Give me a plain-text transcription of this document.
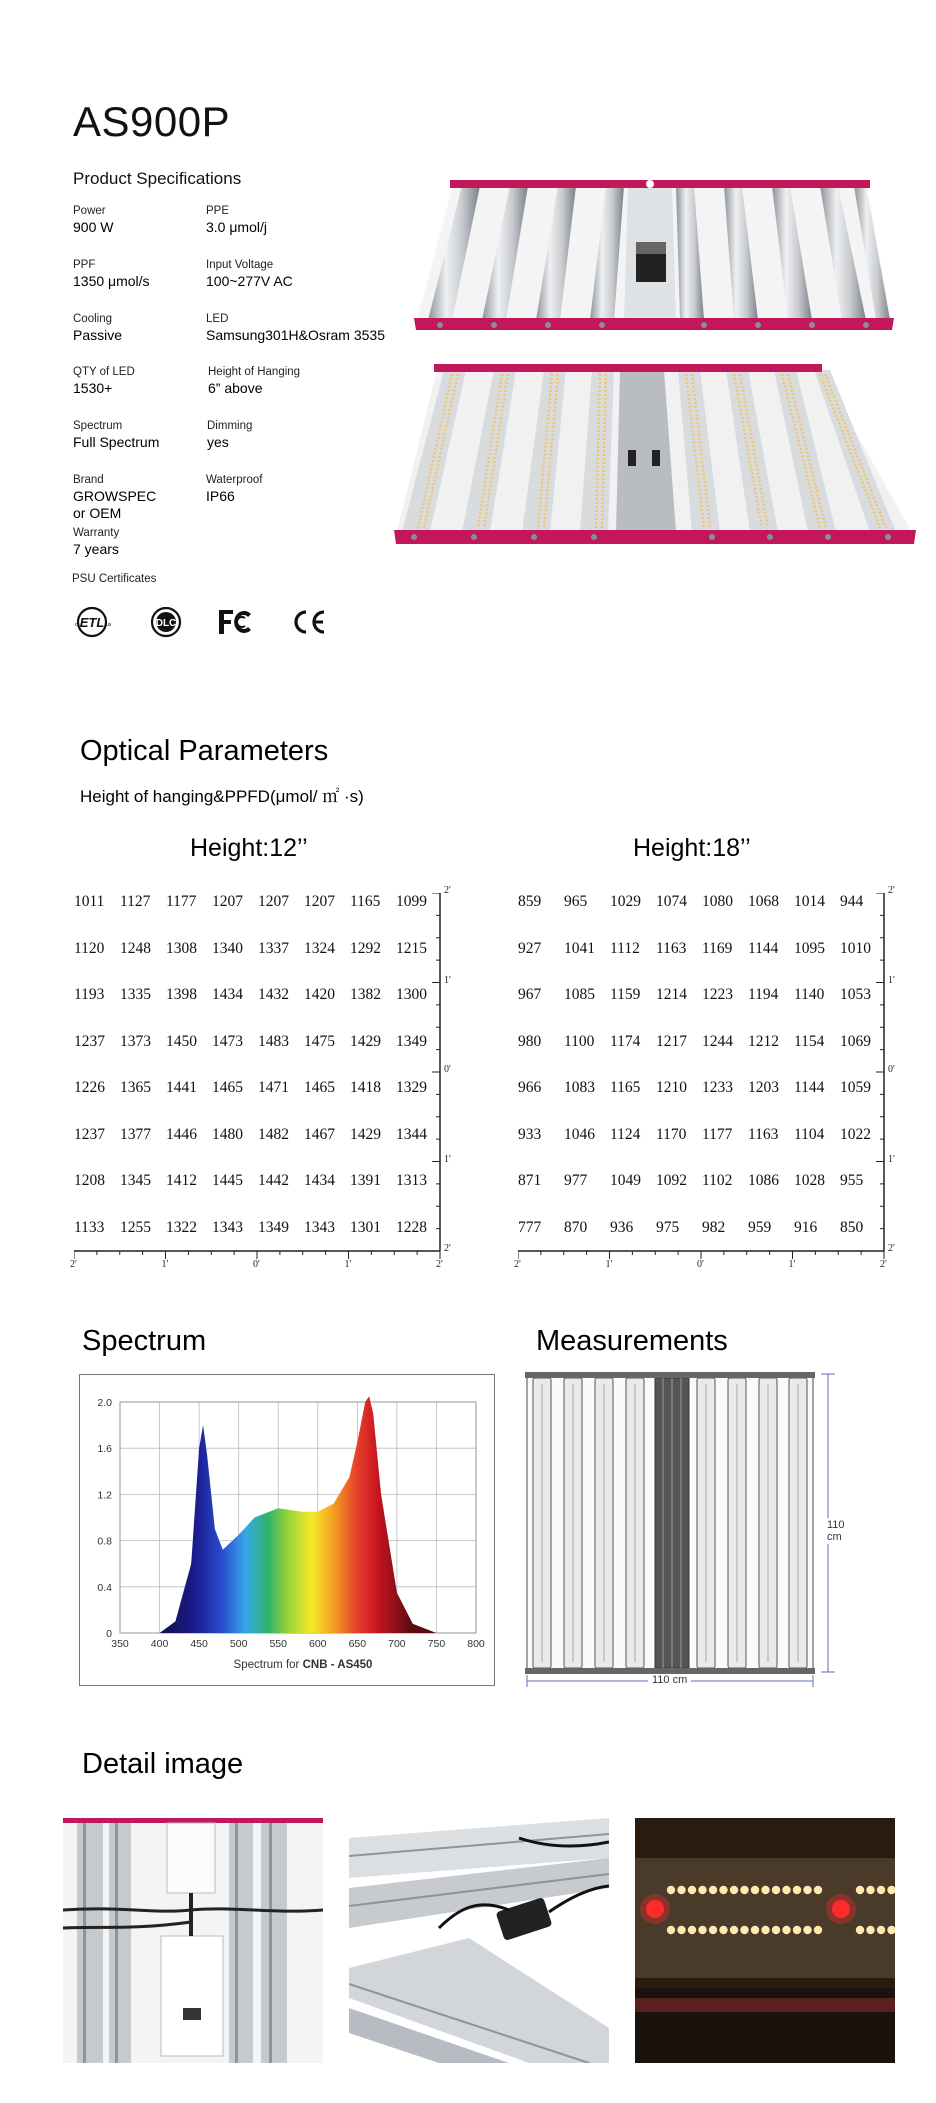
AS900P
Product Specifications
Power
900 W
PPE
3.0 μmol/j
PPF
1350 μmol/s
Input Voltage
100~277V AC
Cooling
Passive
LED
Samsung301H&Osram 3535
QTY of LED
1530+
Height of Hanging
6” above
Spectrum
Full Spectrum
Dimming
yes
Brand
GROWSPEC
or OEM
Waterproof
IP66
Warranty
7 years
PSU Certificates
ETL
c	us	DLC
Optical Parameters
Height of hanging&PPFD(μmol/ ㎡ ·s)
Height:12’’	Height:18’’
1011	1127	1177	1207 1207 1207 1165	1099
1120	1248 1308 1340 1337 1324 1292 1215
1193	1335 1398 1434 1432 1420 1382 1300
1237 1373 1450 1473 1483 1475 1429 1349
1226 1365 1441 1465 1471 1465 1418 1329
1237 1377 1446 1480 1482 1467 1429 1344
1208 1345 1412 1445 1442 1434 1391 1313
1133	1255 1322 1343 1349 1343 1301 1228
2'
1'
0'
1'
2'
2'	1'	0'	1'	2'
859	965	1029 1074 1080 1068 1014 944
927	1041 1112	1163	1169	1144	1095 1010
967	1085 1159	1214 1223 1194	1140	1053
980	1100	1174	1217 1244 1212 1154	1069
966	1083 1165	1210 1233 1203 1144	1059
933	1046 1124	1170	1177	1163	1104	1022
871	977	1049 1092 1102	1086 1028 955
777	870	936	975	982	959	916	850
2'
1'
0'
1'
2'
2'	1'	0'	1'	2'
Spectrum
350 400 450 500 550 600 650 700 750 800
0
0.4
0.8
1.2
1.6
2.0
Spectrum for CNB - AS450
Measurements
110 cm
110 cm
Detail image
